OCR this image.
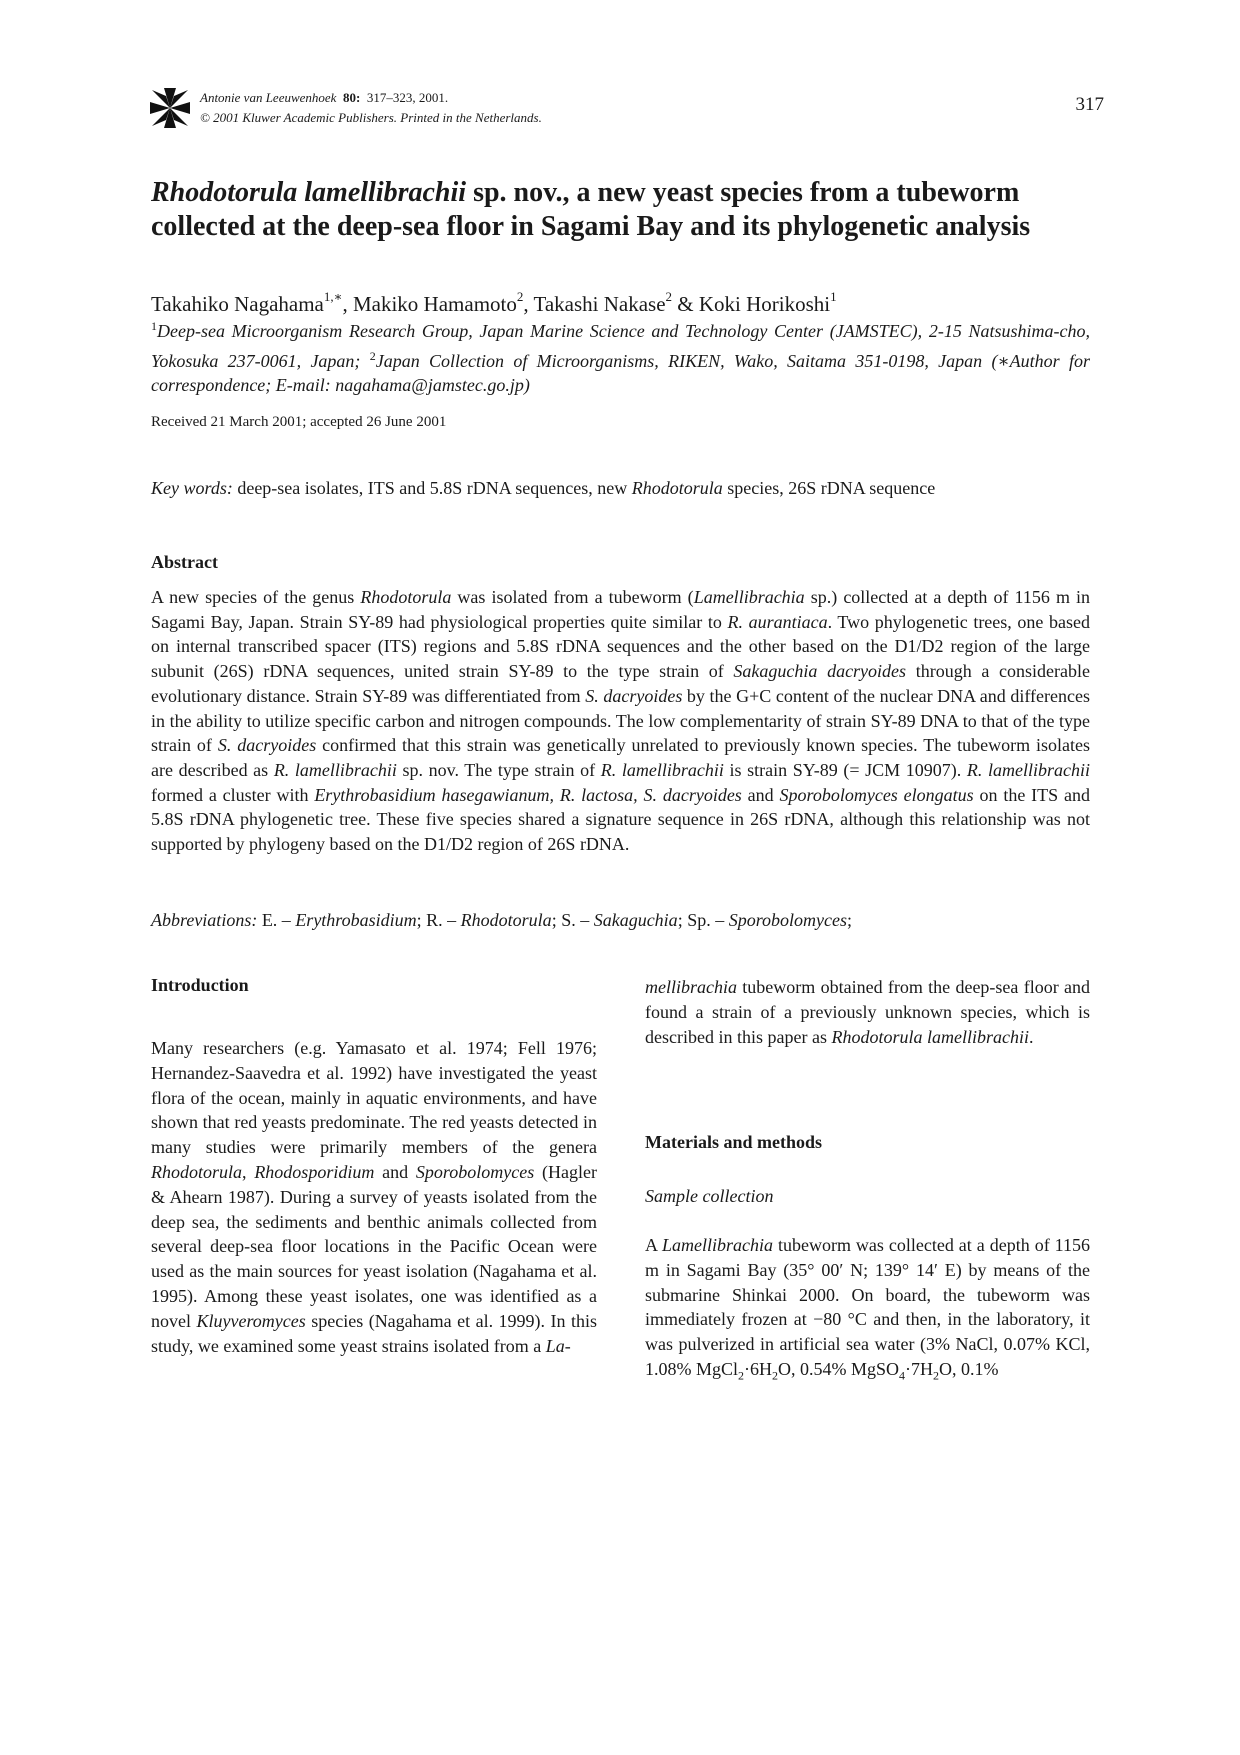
Antonie van Leeuwenhoek 80: 317–323, 2001.
© 2001 Kluwer Academic Publishers. Printed in the Netherlands.
317
Rhodotorula lamellibrachii sp. nov., a new yeast species from a tubeworm
collected at the deep-sea floor in Sagami Bay and its phylogenetic analysis
Takahiko Nagahama$^{1,∗}$, Makiko Hamamoto$^2$, Takashi Nakase$^2$ & Koki Horikoshi$^1$
$^1$Deep-sea Microorganism Research Group, Japan Marine Science and Technology Center (JAMSTEC), 2-15 Natsushima-cho, Yokosuka 237-0061, Japan; $^2$Japan Collection of Microorganisms, RIKEN, Wako, Saitama 351-0198, Japan (∗Author for correspondence; E-mail: nagahama@jamstec.go.jp)
Received 21 March 2001; accepted 26 June 2001
Key words: deep-sea isolates, ITS and 5.8S rDNA sequences, new Rhodotorula species, 26S rDNA sequence
Abstract
A new species of the genus Rhodotorula was isolated from a tubeworm (Lamellibrachia sp.) collected at a depth of 1156 m in Sagami Bay, Japan. Strain SY-89 had physiological properties quite similar to R. aurantiaca. Two phylogenetic trees, one based on internal transcribed spacer (ITS) regions and 5.8S rDNA sequences and the other based on the D1/D2 region of the large subunit (26S) rDNA sequences, united strain SY-89 to the type strain of Sakaguchia dacryoides through a considerable evolutionary distance. Strain SY-89 was differentiated from S. dacryoides by the G+C content of the nuclear DNA and differences in the ability to utilize specific carbon and nitrogen compounds. The low complementarity of strain SY-89 DNA to that of the type strain of S. dacryoides confirmed that this strain was genetically unrelated to previously known species. The tubeworm isolates are described as R. lamellibrachii sp. nov. The type strain of R. lamellibrachii is strain SY-89 (= JCM 10907). R. lamellibrachii formed a cluster with Erythrobasidium hasegawianum, R. lactosa, S. dacryoides and Sporobolomyces elongatus on the ITS and 5.8S rDNA phylogenetic tree. These five species shared a signature sequence in 26S rDNA, although this relationship was not supported by phylogeny based on the D1/D2 region of 26S rDNA.
Abbreviations: E. – Erythrobasidium; R. – Rhodotorula; S. – Sakaguchia; Sp. – Sporobolomyces;
Introduction
Many researchers (e.g. Yamasato et al. 1974; Fell 1976; Hernandez-Saavedra et al. 1992) have investigated the yeast flora of the ocean, mainly in aquatic environments, and have shown that red yeasts predominate. The red yeasts detected in many studies were primarily members of the genera Rhodotorula, Rhodosporidium and Sporobolomyces (Hagler & Ahearn 1987). During a survey of yeasts isolated from the deep sea, the sediments and benthic animals collected from several deep-sea floor locations in the Pacific Ocean were used as the main sources for yeast isolation (Nagahama et al. 1995). Among these yeast isolates, one was identified as a novel Kluyveromyces species (Nagahama et al. 1999). In this study, we examined some yeast strains isolated from a La-
mellibrachia tubeworm obtained from the deep-sea floor and found a strain of a previously unknown species, which is described in this paper as Rhodotorula lamellibrachii.
Materials and methods
Sample collection
A Lamellibrachia tubeworm was collected at a depth of 1156 m in Sagami Bay (35° 00′ N; 139° 14′ E) by means of the submarine Shinkai 2000. On board, the tubeworm was immediately frozen at −80 °C and then, in the laboratory, it was pulverized in artificial sea water (3% NaCl, 0.07% KCl, 1.08% $MgCl_2\cdot 6H_2O$, 0.54% $MgSO_4\cdot 7H_2O$, 0.1%
